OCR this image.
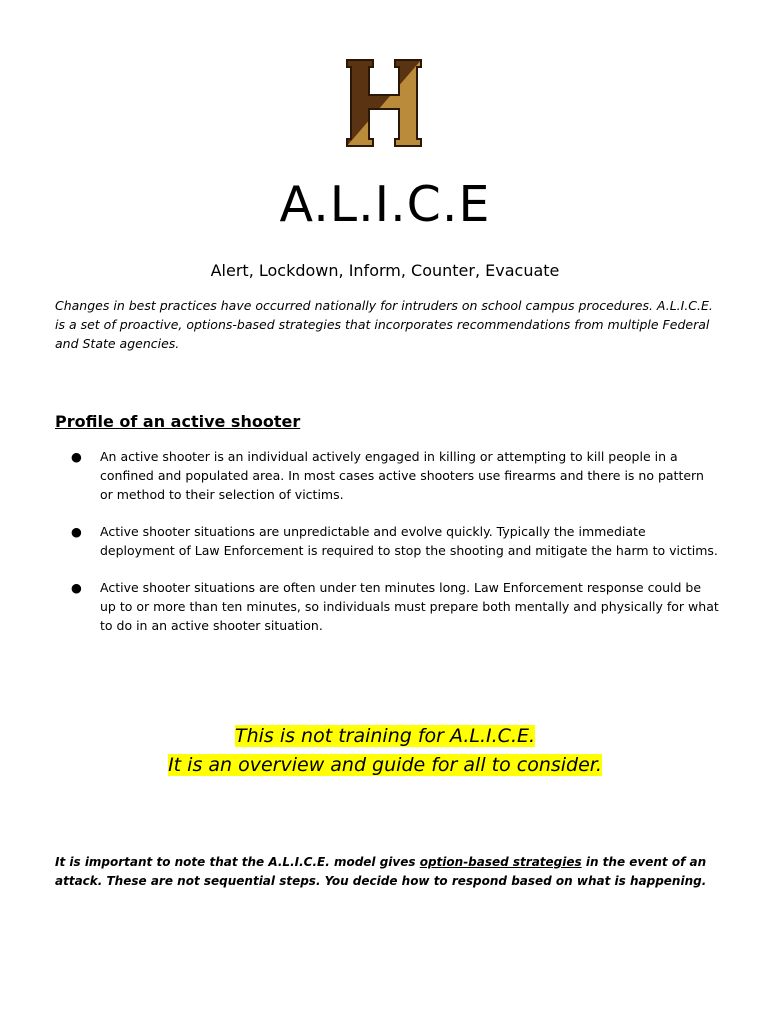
A.L.I.C.E
Alert, Lockdown, Inform, Counter, Evacuate
Changes in best practices have occurred nationally for intruders on school campus procedures. A.L.I.C.E. is a set of proactive, options-based strategies that incorporates recommendations from multiple Federal and State agencies.
Profile of an active shooter
● An active shooter is an individual actively engaged in killing or attempting to kill people in a confined and populated area. In most cases active shooters use firearms and there is no pattern or method to their selection of victims.
● Active shooter situations are unpredictable and evolve quickly. Typically the immediate deployment of Law Enforcement is required to stop the shooting and mitigate the harm to victims.
● Active shooter situations are often under ten minutes long. Law Enforcement response could be up to or more than ten minutes, so individuals must prepare both mentally and physically for what to do in an active shooter situation.
This is not training for A.L.I.C.E.
It is an overview and guide for all to consider.
It is important to note that the A.L.I.C.E. model gives option-based strategies in the event of an attack. These are not sequential steps. You decide how to respond based on what is happening.
